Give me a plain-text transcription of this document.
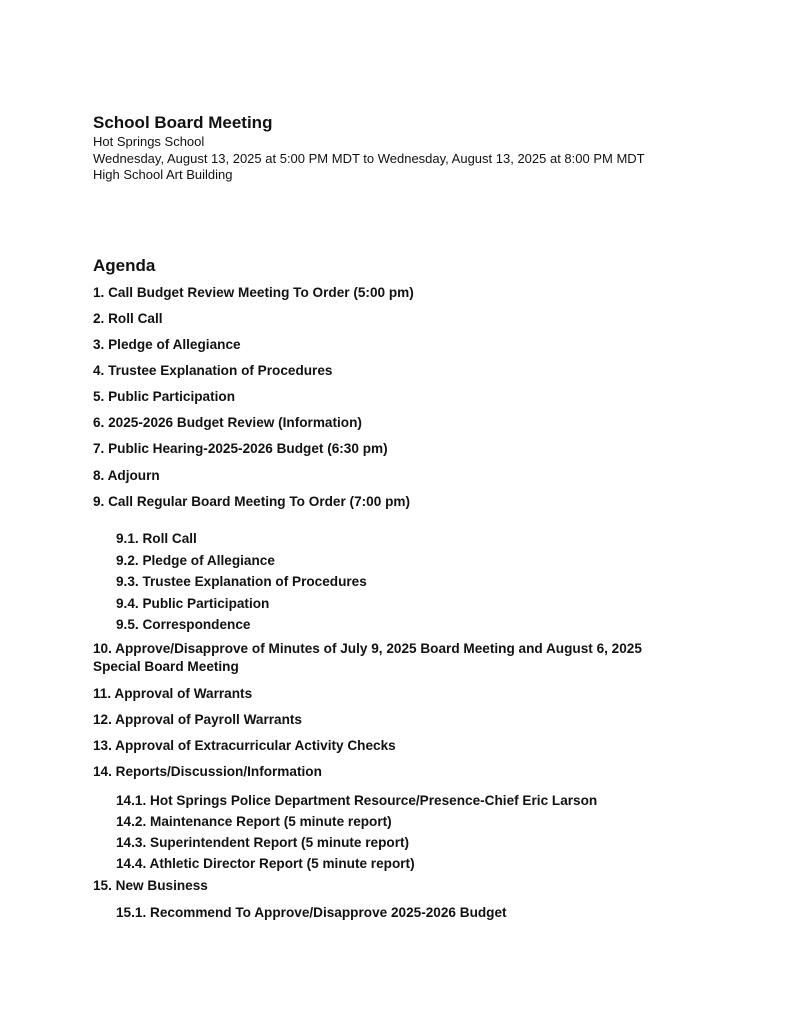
School Board Meeting
Hot Springs School
Wednesday, August 13, 2025 at 5:00 PM MDT to Wednesday, August 13, 2025 at 8:00 PM MDT
High School Art Building
Agenda
1. Call Budget Review Meeting To Order (5:00 pm)
2. Roll Call
3. Pledge of Allegiance
4. Trustee Explanation of Procedures
5. Public Participation
6. 2025-2026 Budget Review (Information)
7. Public Hearing-2025-2026 Budget (6:30 pm)
8. Adjourn
9. Call Regular Board Meeting To Order (7:00 pm)
9.1. Roll Call
9.2. Pledge of Allegiance
9.3. Trustee Explanation of Procedures
9.4. Public Participation
9.5. Correspondence
10. Approve/Disapprove of Minutes of July 9, 2025 Board Meeting and August 6, 2025 Special Board Meeting
11. Approval of Warrants
12. Approval of Payroll Warrants
13. Approval of Extracurricular Activity Checks
14. Reports/Discussion/Information
14.1. Hot Springs Police Department Resource/Presence-Chief Eric Larson
14.2. Maintenance Report (5 minute report)
14.3. Superintendent Report (5 minute report)
14.4. Athletic Director Report (5 minute report)
15. New Business
15.1. Recommend To Approve/Disapprove 2025-2026 Budget
